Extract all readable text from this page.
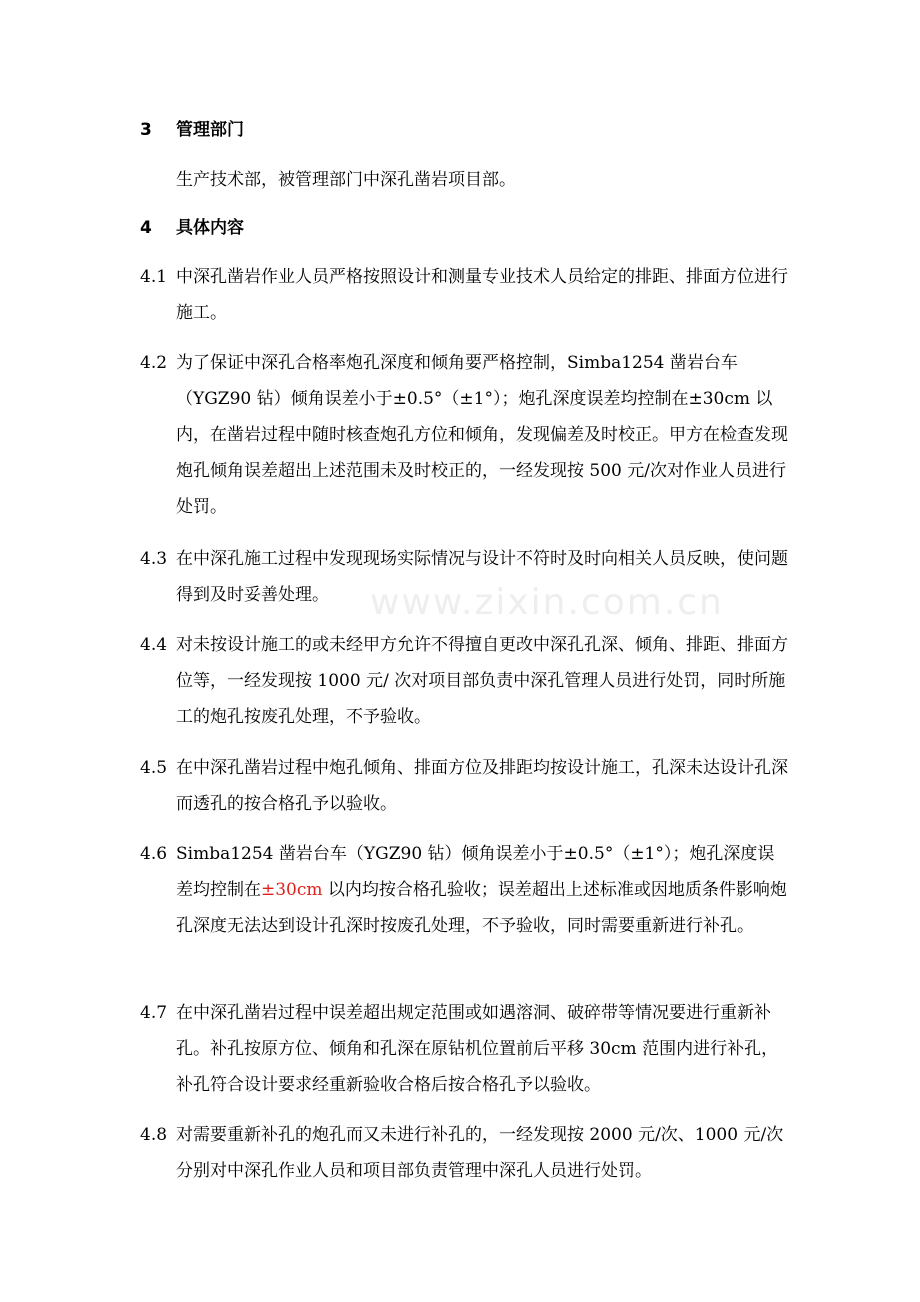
3 管理部门
生产技术部，被管理部门中深孔凿岩项目部。
4 具体内容
4.1 中深孔凿岩作业人员严格按照设计和测量专业技术人员给定的排距、排面方位进行施工。
4.2 为了保证中深孔合格率炮孔深度和倾角要严格控制，Simba1254 凿岩台车（YGZ90 钻）倾角误差小于±0.5°（±1°）；炮孔深度误差均控制在±30cm 以内，在凿岩过程中随时核查炮孔方位和倾角，发现偏差及时校正。甲方在检查发现炮孔倾角误差超出上述范围未及时校正的，一经发现按 500 元/次对作业人员进行处罚。
4.3 在中深孔施工过程中发现现场实际情况与设计不符时及时向相关人员反映，使问题得到及时妥善处理。
4.4 对未按设计施工的或未经甲方允许不得擅自更改中深孔孔深、倾角、排距、排面方位等，一经发现按 1000 元/ 次对项目部负责中深孔管理人员进行处罚，同时所施工的炮孔按废孔处理，不予验收。
4.5 在中深孔凿岩过程中炮孔倾角、排面方位及排距均按设计施工，孔深未达设计孔深而透孔的按合格孔予以验收。
4.6 Simba1254 凿岩台车（YGZ90 钻）倾角误差小于±0.5°（±1°）；炮孔深度误差均控制在±30cm 以内均按合格孔验收；误差超出上述标准或因地质条件影响炮孔深度无法达到设计孔深时按废孔处理，不予验收，同时需要重新进行补孔。
4.7 在中深孔凿岩过程中误差超出规定范围或如遇溶洞、破碎带等情况要进行重新补孔。补孔按原方位、倾角和孔深在原钻机位置前后平移 30cm 范围内进行补孔，补孔符合设计要求经重新验收合格后按合格孔予以验收。
4.8 对需要重新补孔的炮孔而又未进行补孔的，一经发现按 2000 元/次、1000 元/次分别对中深孔作业人员和项目部负责管理中深孔人员进行处罚。
www.zixin.com.cn
